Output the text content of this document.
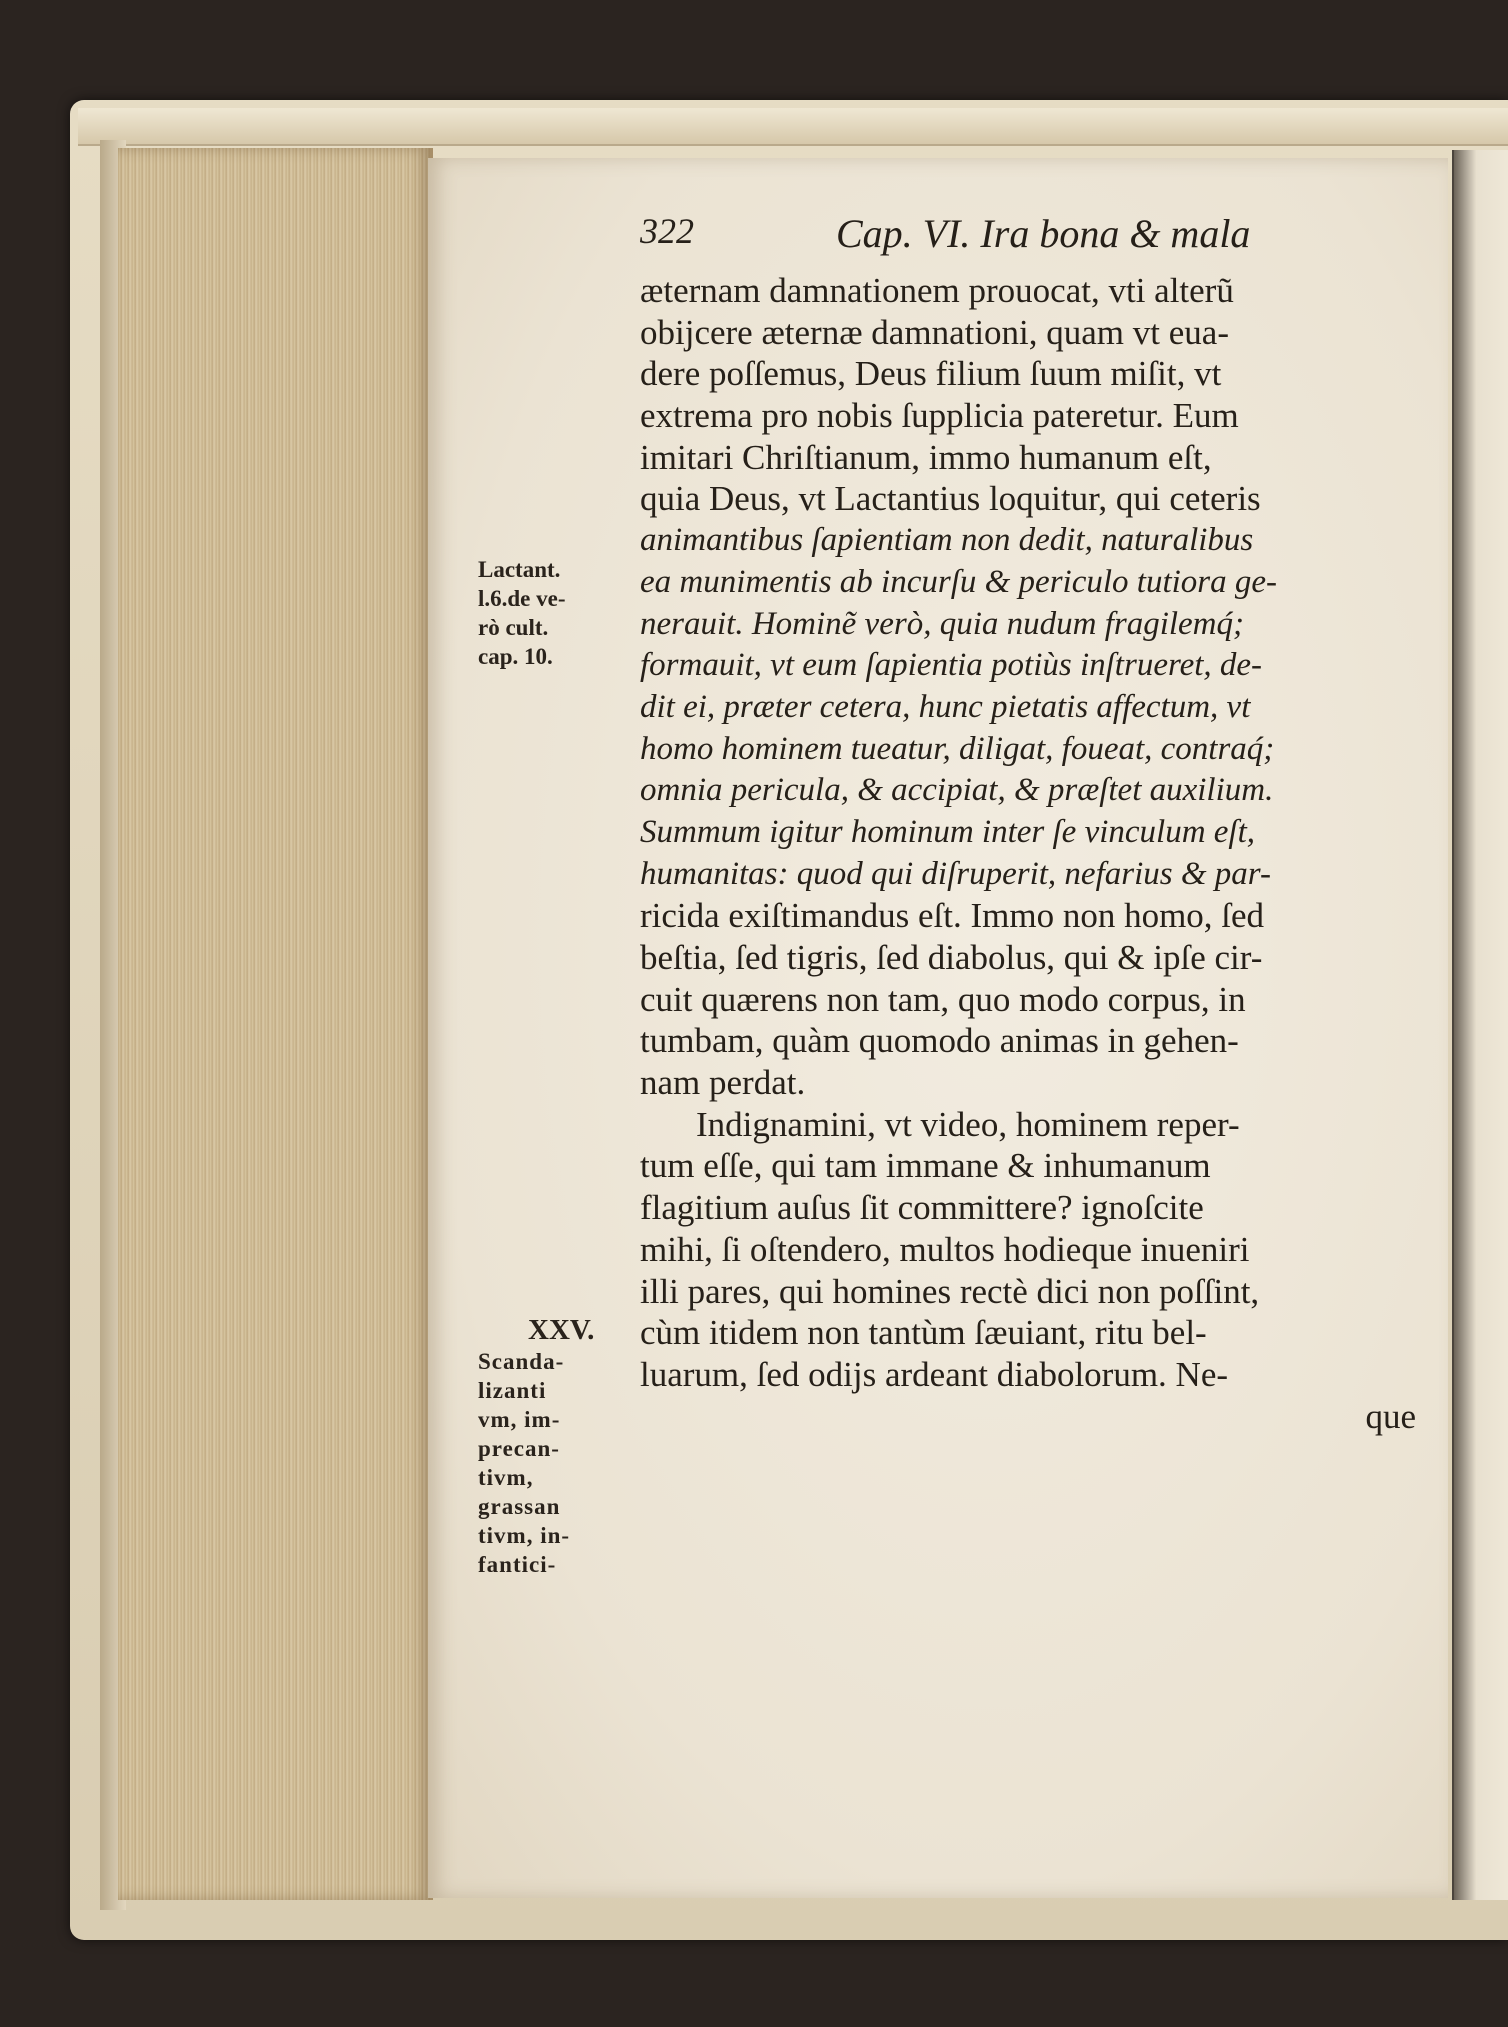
322	Cap. VI. Ira bona & mala
æternam damnationem prouocat, vti alterũ
obijcere æternæ damnationi, quam vt eua-
dere poſſemus, Deus filium ſuum miſit, vt
extrema pro nobis ſupplicia pateretur. Eum
imitari Chriſtianum, immo humanum eſt,
quia Deus, vt Lactantius loquitur, qui ceteris
animantibus ſapientiam non dedit, naturalibus
ea munimentis ab incurſu & periculo tutiora ge-
nerauit. Hominẽ verò, quia nudum fragilemq́;
formauit, vt eum ſapientia potiùs inſtrueret, de-
dit ei, præter cetera, hunc pietatis affectum, vt
homo hominem tueatur, diligat, foueat, contraq́;
omnia pericula, & accipiat, & præſtet auxilium.
Summum igitur hominum inter ſe vinculum eſt,
humanitas: quod qui diſruperit, nefarius & par-
ricida exiſtimandus eſt. Immo non homo, ſed
beſtia, ſed tigris, ſed diabolus, qui & ipſe cir-
cuit quærens non tam, quo modo corpus, in
tumbam, quàm quomodo animas in gehen-
nam perdat.
Indignamini, vt video, hominem reper-
tum eſſe, qui tam immane & inhumanum
flagitium auſus ſit committere? ignoſcite
mihi, ſi oſtendero, multos hodieque inueniri
illi pares, qui homines rectè dici non poſſint,
cùm itidem non tantùm ſæuiant, ritu bel-
luarum, ſed odijs ardeant diabolorum. Ne-
que
Lactant.
l.6.de ve-
rò cult.
cap. 10.
XXV.
Scanda-
lizanti
vm, im-
precan-
tivm,
grassan
tivm, in-
fantici-
